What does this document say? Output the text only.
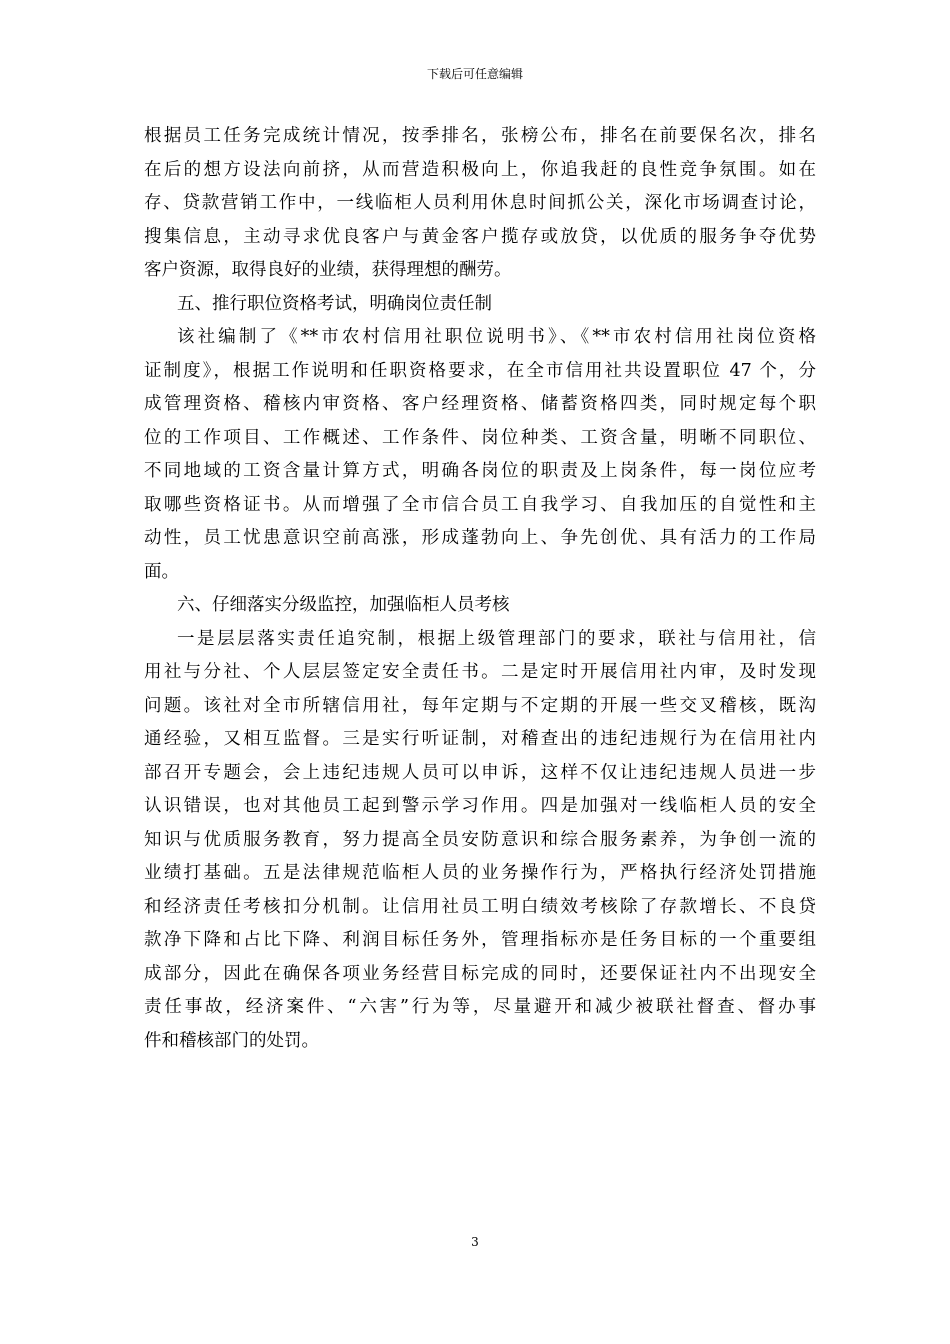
下载后可任意编辑
根据员工任务完成统计情况，按季排名，张榜公布，排名在前要保名次，排名
在后的想方设法向前挤，从而营造积极向上，你追我赶的良性竞争氛围。如在
存、贷款营销工作中，一线临柜人员利用休息时间抓公关，深化市场调查讨论，
搜集信息，主动寻求优良客户与黄金客户揽存或放贷，以优质的服务争夺优势
客户资源，取得良好的业绩，获得理想的酬劳。
五、推行职位资格考试，明确岗位责任制
该社编制了《**市农村信用社职位说明书》、《**市农村信用社岗位资格
证制度》，根据工作说明和任职资格要求，在全市信用社共设置职位 47 个，分
成管理资格、稽核内审资格、客户经理资格、储蓄资格四类，同时规定每个职
位的工作项目、工作概述、工作条件、岗位种类、工资含量，明晰不同职位、
不同地域的工资含量计算方式，明确各岗位的职责及上岗条件，每一岗位应考
取哪些资格证书。从而增强了全市信合员工自我学习、自我加压的自觉性和主
动性，员工忧患意识空前高涨，形成蓬勃向上、争先创优、具有活力的工作局
面。
六、仔细落实分级监控，加强临柜人员考核
一是层层落实责任追究制，根据上级管理部门的要求，联社与信用社，信
用社与分社、个人层层签定安全责任书。二是定时开展信用社内审，及时发现
问题。该社对全市所辖信用社，每年定期与不定期的开展一些交叉稽核，既沟
通经验，又相互监督。三是实行听证制，对稽查出的违纪违规行为在信用社内
部召开专题会，会上违纪违规人员可以申诉，这样不仅让违纪违规人员进一步
认识错误，也对其他员工起到警示学习作用。四是加强对一线临柜人员的安全
知识与优质服务教育，努力提高全员安防意识和综合服务素养，为争创一流的
业绩打基础。五是法律规范临柜人员的业务操作行为，严格执行经济处罚措施
和经济责任考核扣分机制。让信用社员工明白绩效考核除了存款增长、不良贷
款净下降和占比下降、利润目标任务外，管理指标亦是任务目标的一个重要组
成部分，因此在确保各项业务经营目标完成的同时，还要保证社内不出现安全
责任事故，经济案件、“六害”行为等，尽量避开和减少被联社督查、督办事
件和稽核部门的处罚。
3
